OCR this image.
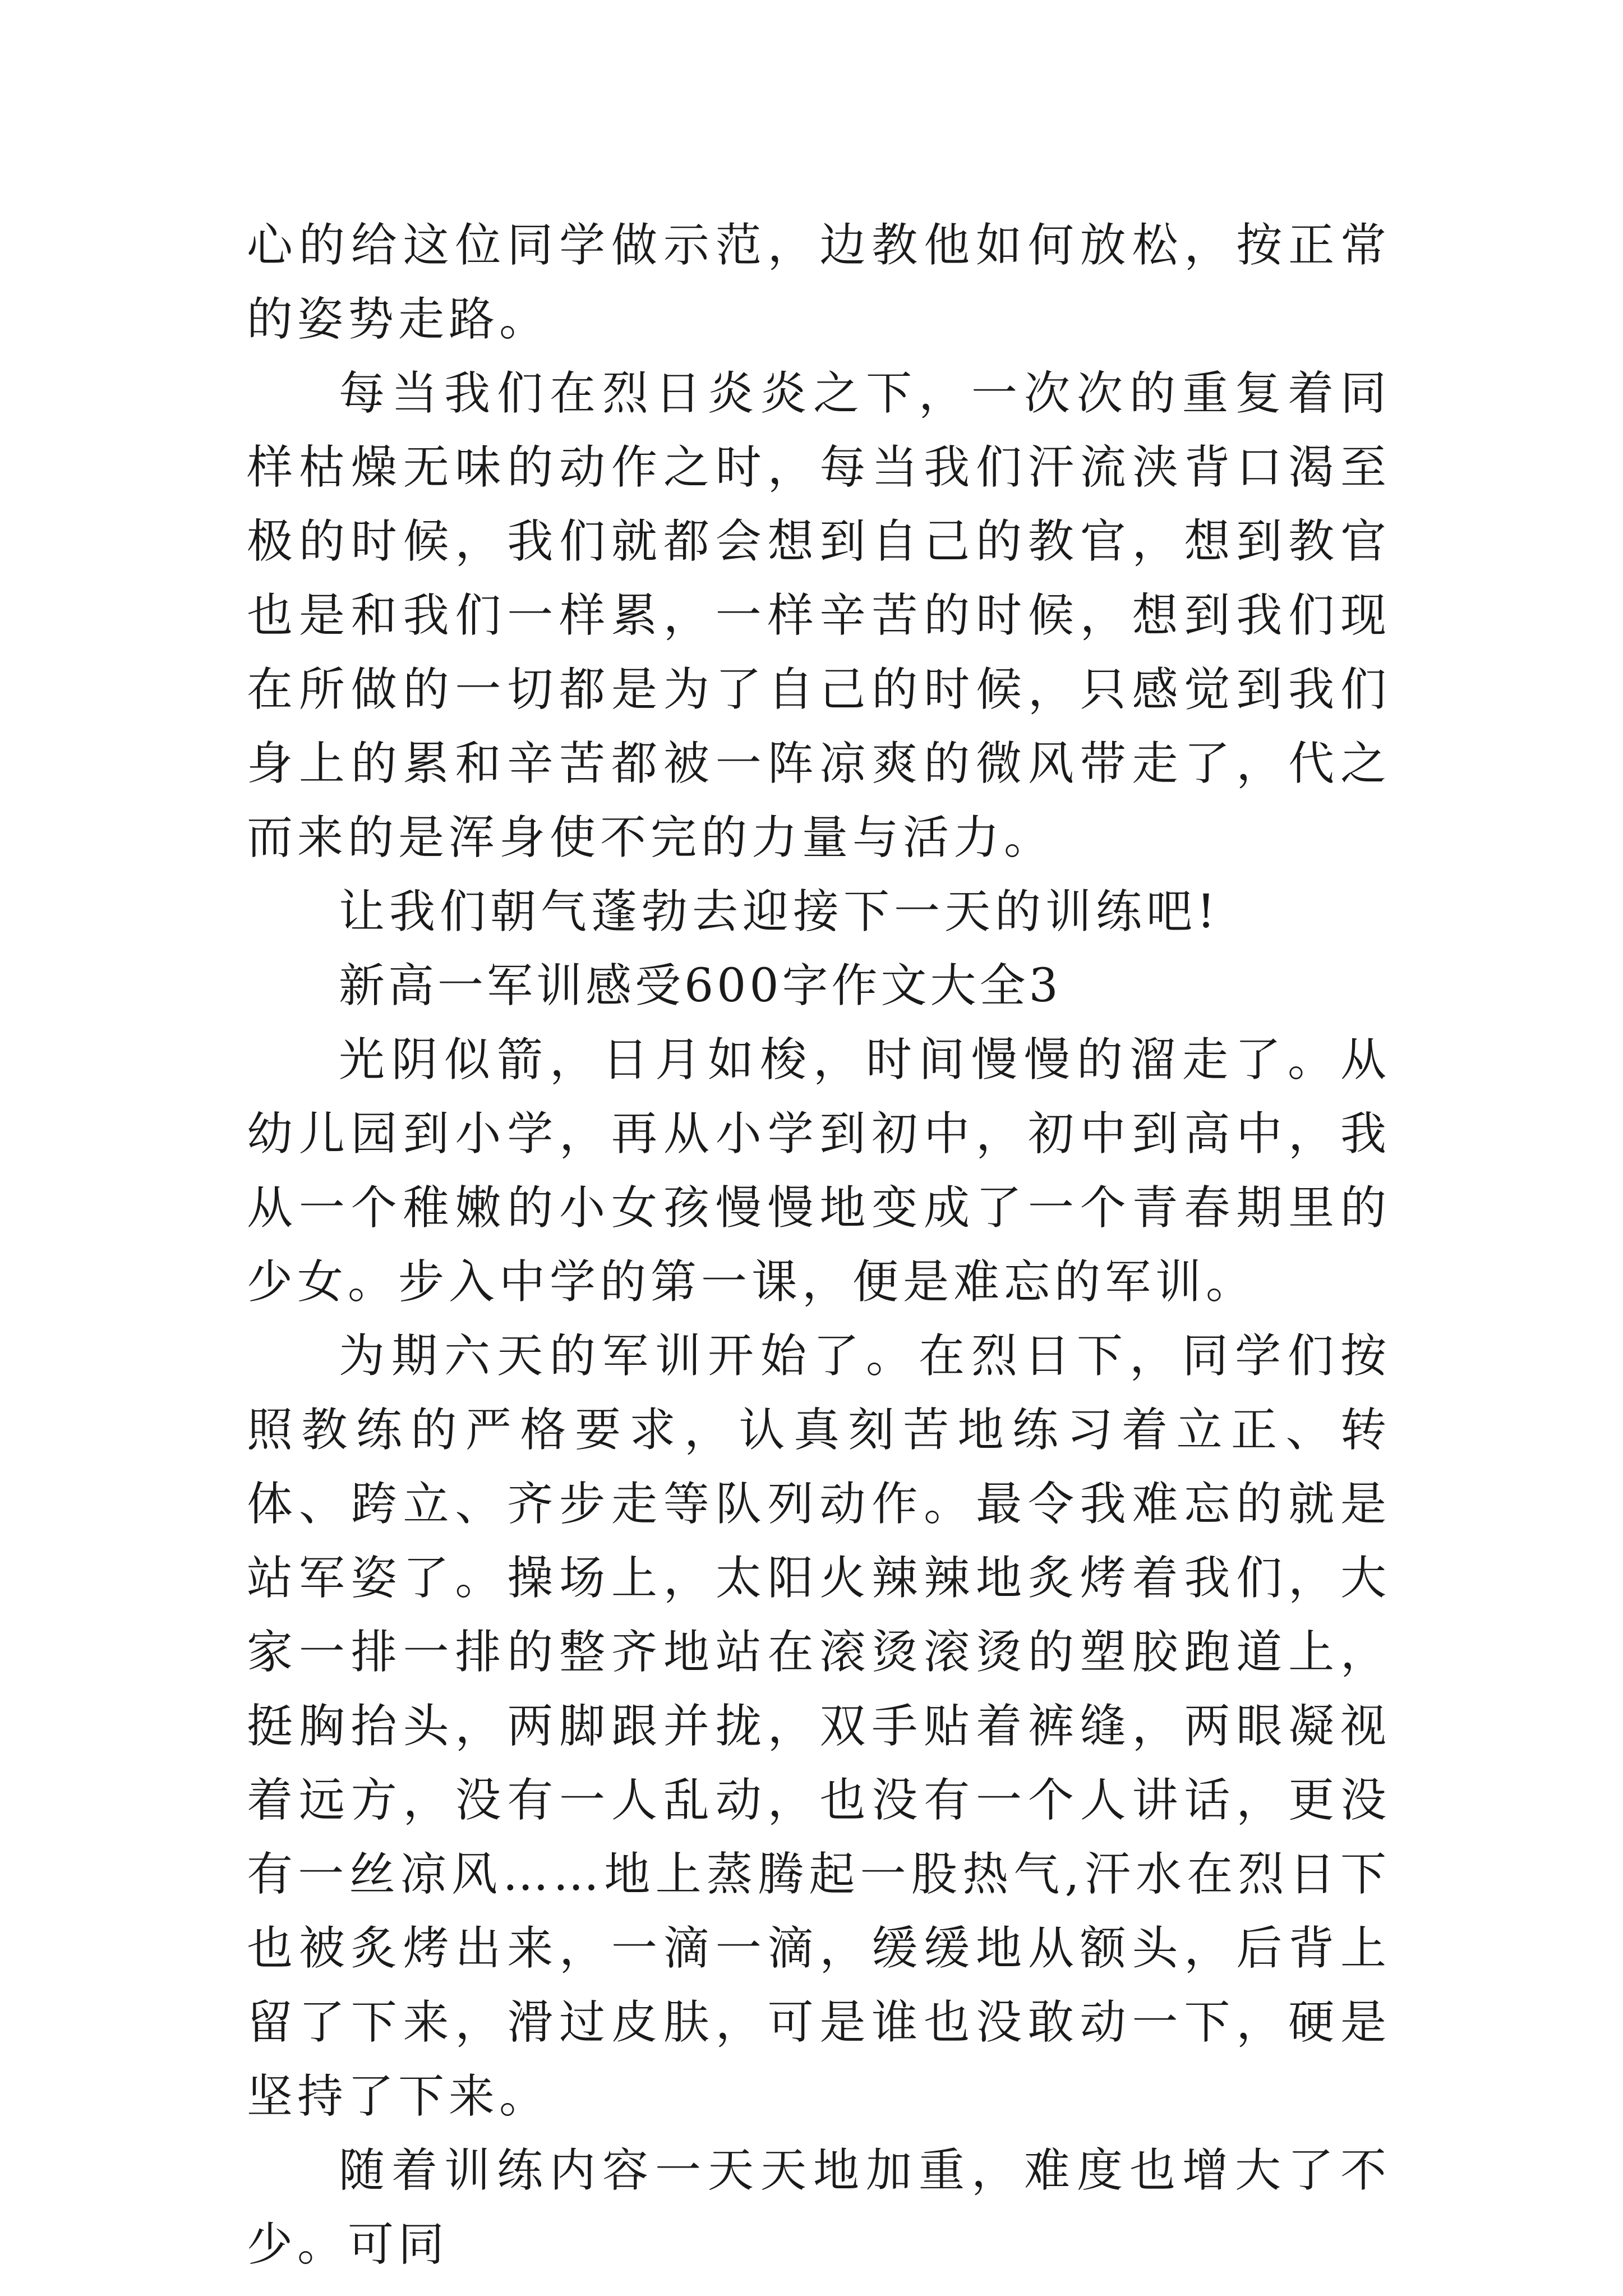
心的给这位同学做示范，边教他如何放松，按正常的姿势走路。

每当我们在烈日炎炎之下，一次次的重复着同样枯燥无味的动作之时，每当我们汗流浃背口渴至极的时候，我们就都会想到自己的教官，想到教官也是和我们一样累，一样辛苦的时候，想到我们现在所做的一切都是为了自己的时候，只感觉到我们身上的累和辛苦都被一阵凉爽的微风带走了，代之而来的是浑身使不完的力量与活力。

让我们朝气蓬勃去迎接下一天的训练吧!

新高一军训感受600字作文大全3

光阴似箭，日月如梭，时间慢慢的溜走了。从幼儿园到小学，再从小学到初中，初中到高中，我从一个稚嫩的小女孩慢慢地变成了一个青春期里的少女。步入中学的第一课，便是难忘的军训。

为期六天的军训开始了。在烈日下，同学们按照教练的严格要求，认真刻苦地练习着立正、转体、跨立、齐步走等队列动作。最令我难忘的就是站军姿了。操场上，太阳火辣辣地炙烤着我们，大家一排一排的整齐地站在滚烫滚烫的塑胶跑道上，挺胸抬头，两脚跟并拢，双手贴着裤缝，两眼凝视着远方，没有一人乱动，也没有一个人讲话，更没有一丝凉风……地上蒸腾起一股热气,汗水在烈日下也被炙烤出来，一滴一滴，缓缓地从额头，后背上留了下来，滑过皮肤，可是谁也没敢动一下，硬是坚持了下来。

随着训练内容一天天地加重，难度也增大了不少。可同
